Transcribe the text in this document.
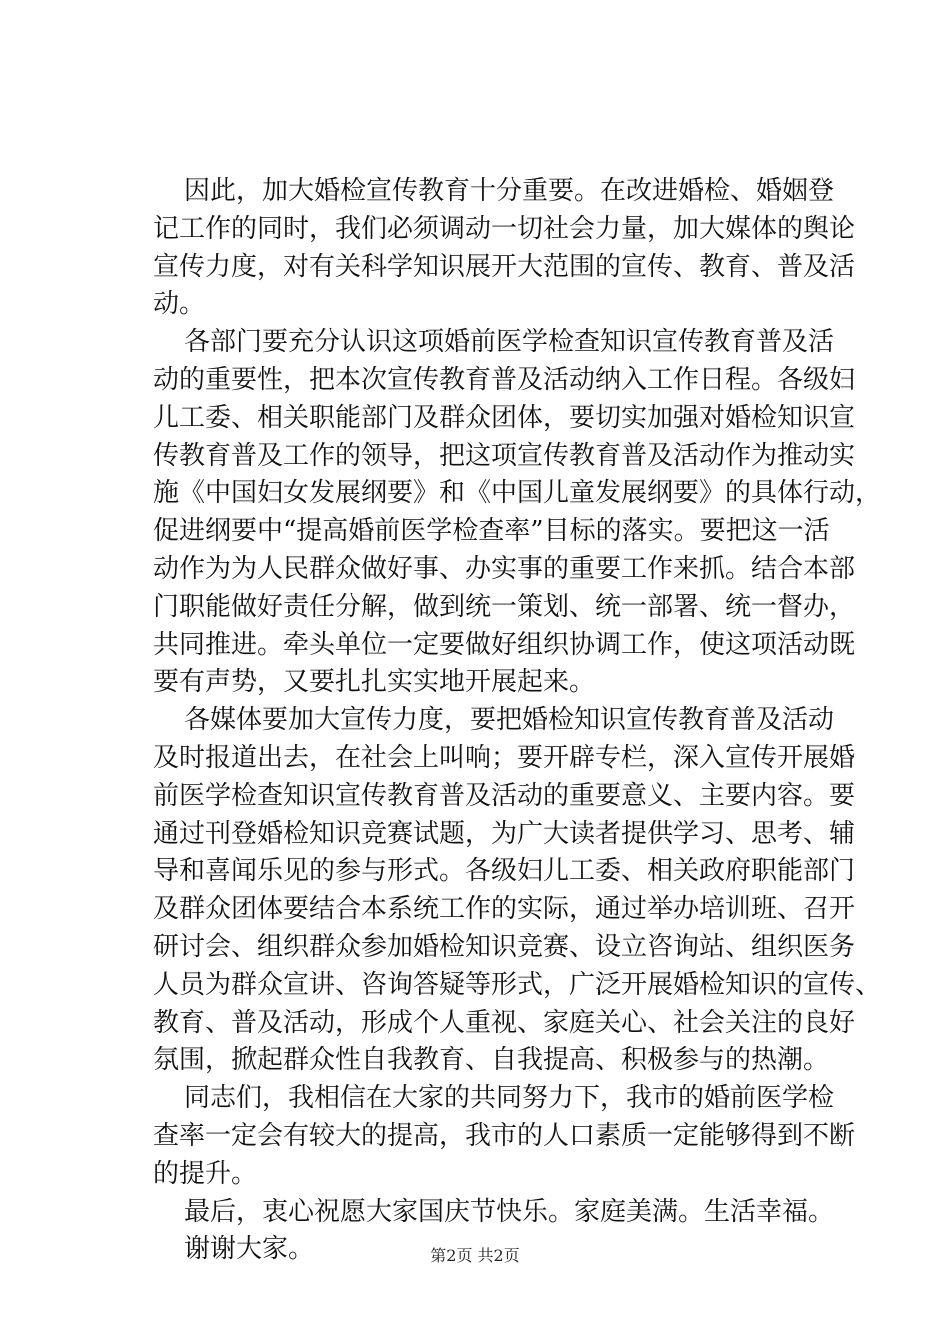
因此，加大婚检宣传教育十分重要。在改进婚检、婚姻登
记工作的同时，我们必须调动一切社会力量，加大媒体的舆论
宣传力度，对有关科学知识展开大范围的宣传、教育、普及活
动。

各部门要充分认识这项婚前医学检查知识宣传教育普及活
动的重要性，把本次宣传教育普及活动纳入工作日程。各级妇
儿工委、相关职能部门及群众团体，要切实加强对婚检知识宣
传教育普及工作的领导，把这项宣传教育普及活动作为推动实
施《中国妇女发展纲要》和《中国儿童发展纲要》的具体行动，
促进纲要中“提高婚前医学检查率”目标的落实。要把这一活
动作为为人民群众做好事、办实事的重要工作来抓。结合本部
门职能做好责任分解，做到统一策划、统一部署、统一督办，
共同推进。牵头单位一定要做好组织协调工作，使这项活动既
要有声势，又要扎扎实实地开展起来。

各媒体要加大宣传力度，要把婚检知识宣传教育普及活动
及时报道出去，在社会上叫响；要开辟专栏，深入宣传开展婚
前医学检查知识宣传教育普及活动的重要意义、主要内容。要
通过刊登婚检知识竞赛试题，为广大读者提供学习、思考、辅
导和喜闻乐见的参与形式。各级妇儿工委、相关政府职能部门
及群众团体要结合本系统工作的实际，通过举办培训班、召开
研讨会、组织群众参加婚检知识竞赛、设立咨询站、组织医务
人员为群众宣讲、咨询答疑等形式，广泛开展婚检知识的宣传、
教育、普及活动，形成个人重视、家庭关心、社会关注的良好
氛围，掀起群众性自我教育、自我提高、积极参与的热潮。

同志们，我相信在大家的共同努力下，我市的婚前医学检
查率一定会有较大的提高，我市的人口素质一定能够得到不断
的提升。

最后，衷心祝愿大家国庆节快乐。家庭美满。生活幸福。

谢谢大家。	第2页 共2页
